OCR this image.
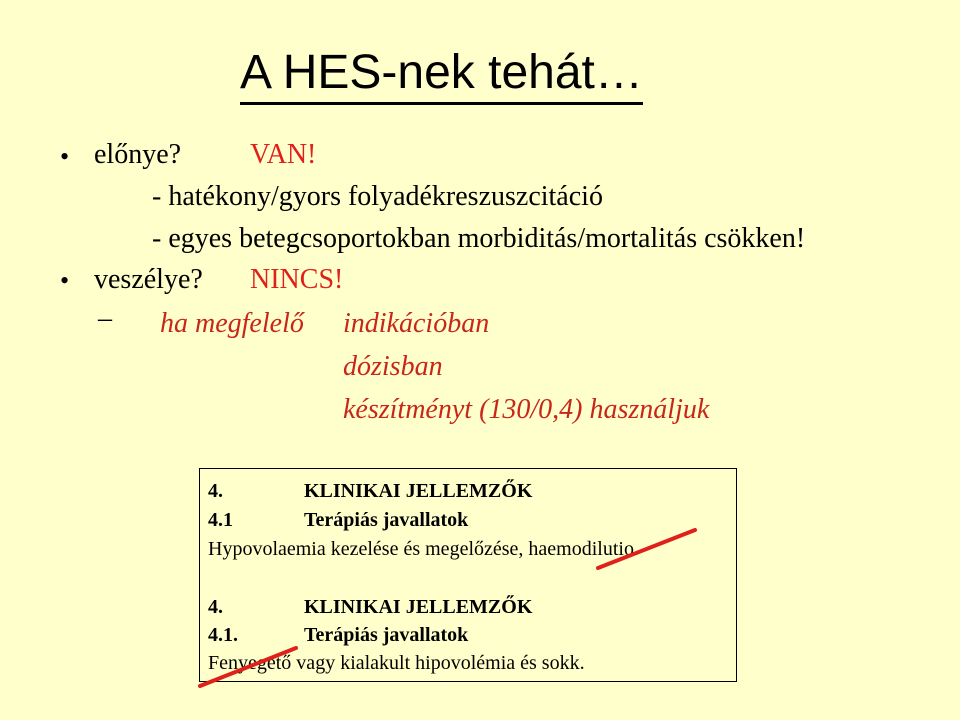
A HES-nek tehát…
• előnye? VAN!
- hatékony/gyors folyadékreszuszcitáció
- egyes betegcsoportokban morbiditás/mortalitás csökken!
• veszélye? NINCS!
– ha megfelelő indikációban
dózisban
készítményt (130/0,4) használjuk
4.	KLINIKAI JELLEMZŐK
4.1	Terápiás javallatok
Hypovolaemia kezelése és megelőzése, haemodilutio.
4.	KLINIKAI JELLEMZŐK
4.1.	Terápiás javallatok
Fenyegető vagy kialakult hipovolémia és sokk.
